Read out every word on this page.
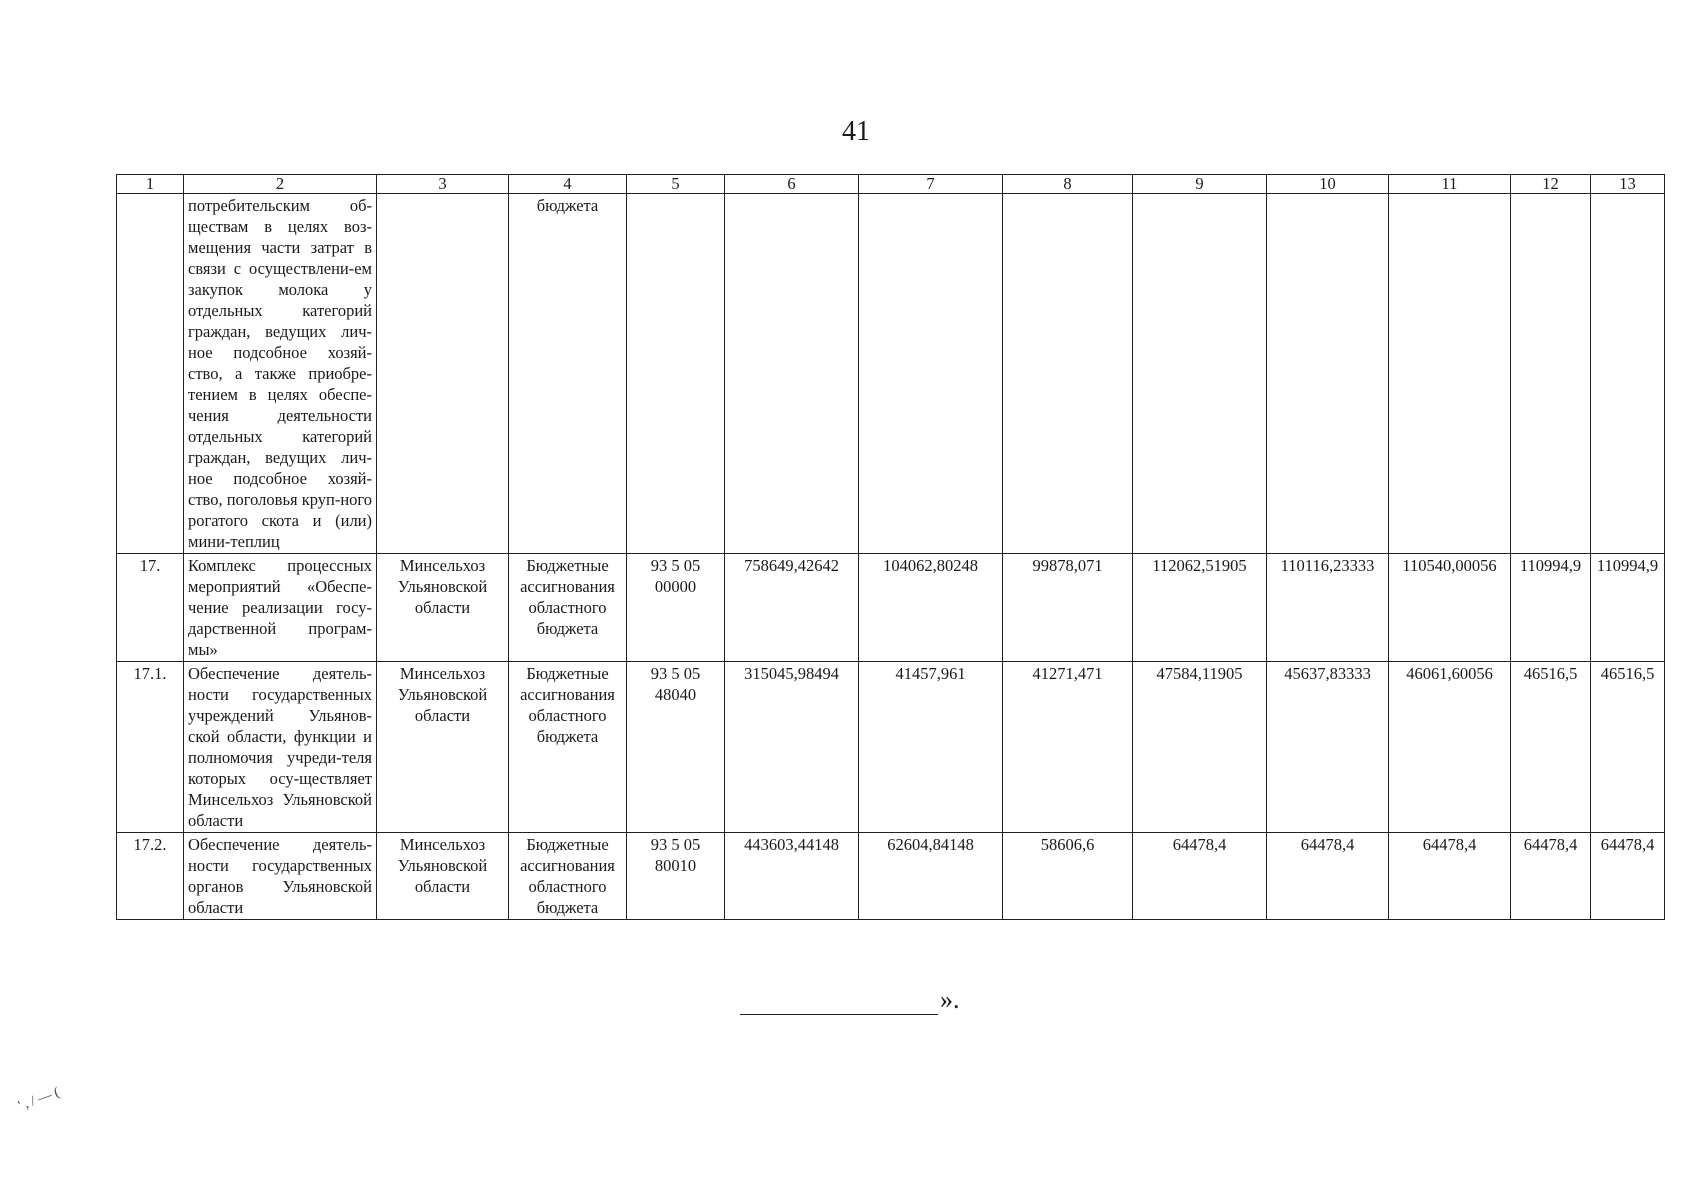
41
1	2	3	4	5	6	7	8	9	10	11	12	13
	потребительским об-ществам в целях воз-мещения части затрат в связи с осуществлени-ем закупок молока у отдельных категорий граждан, ведущих лич-ное подсобное хозяй-ство, а также приобре-тением в целях обеспе-чения деятельности отдельных категорий граждан, ведущих лич-ное подсобное хозяй-ство, поголовья круп-ного рогатого скота и (или) мини-теплиц		бюджета									
17.	Комплекс процессных мероприятий «Обеспе-чение реализации госу-дарственной програм-мы»	Минсельхоз Ульяновской области	Бюджетные ассигнования областного бюджета	93 5 05 00000	758649,42642	104062,80248	99878,071	112062,51905	110116,23333	110540,00056	110994,9	110994,9
17.1.	Обеспечение деятель-ности государственных учреждений Ульянов-ской области, функции и полномочия учреди-теля которых осу-ществляет Минсельхоз Ульяновской области	Минсельхоз Ульяновской области	Бюджетные ассигнования областного бюджета	93 5 05 48040	315045,98494	41457,961	41271,471	47584,11905	45637,83333	46061,60056	46516,5	46516,5
17.2.	Обеспечение деятель-ности государственных органов Ульяновской области	Минсельхоз Ульяновской области	Бюджетные ассигнования областного бюджета	93 5 05 80010	443603,44148	62604,84148	58606,6	64478,4	64478,4	64478,4	64478,4	64478,4
».
' , / — (
